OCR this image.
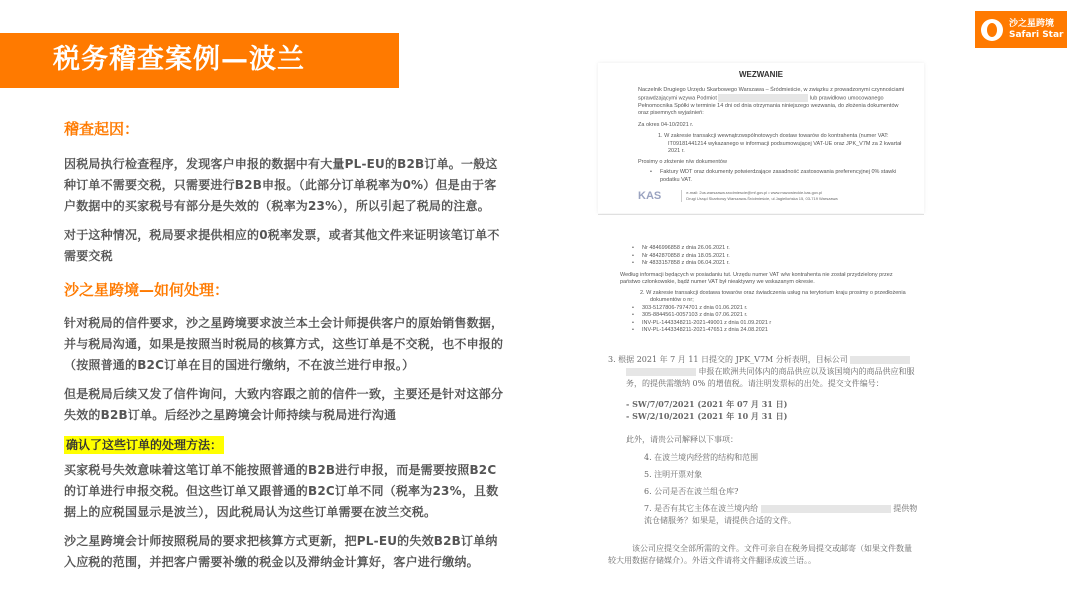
税务稽查案例—波兰
沙之星跨境
Safari Star
稽查起因：

因税局执行检查程序，发现客户申报的数据中有大量PL-EU的B2B订单。一般这种订单不需要交税，只需要进行B2B申报。（此部分订单税率为0%）但是由于客户数据中的买家税号有部分是失效的（税率为23%），所以引起了税局的注意。

对于这种情况，税局要求提供相应的0税率发票，或者其他文件来证明该笔订单不需要交税

沙之星跨境—如何处理：

针对税局的信件要求，沙之星跨境要求波兰本土会计师提供客户的原始销售数据，并与税局沟通，如果是按照当时税局的核算方式，这些订单是不交税，也不申报的（按照普通的B2C订单在目的国进行缴纳，不在波兰进行申报。）

但是税局后续又发了信件询问，大致内容跟之前的信件一致，主要还是针对这部分失效的B2B订单。后经沙之星跨境会计师持续与税局进行沟通

确认了这些订单的处理方法：

买家税号失效意味着这笔订单不能按照普通的B2B进行申报，而是需要按照B2C的订单进行申报交税。但这些订单又跟普通的B2C订单不同（税率为23%，且数据上的应税国显示是波兰），因此税局认为这些订单需要在波兰交税。

沙之星跨境会计师按照税局的要求把核算方式更新，把PL-EU的失效B2B订单纳入应税的范围，并把客户需要补缴的税金以及滞纳金计算好，客户进行缴纳。

WEZWANIE
Naczelnik Drugiego Urzędu Skarbowego Warszawa – Śródmieście, w związku z prowadzonymi czynnościami sprawdzającymi wzywa Podmiot	lub prawidłowo umocowanego Pełnomocnika Spółki w terminie 14 dni od dnia otrzymania niniejszego wezwania, do złożenia dokumentów oraz pisemnych wyjaśnień:
Za okres 04-10/2021 r.
1. W zakresie transakcji wewnątrzwspólnotowych dostaw towarów do kontrahenta (numer VAT: IT09181441214 wykazanego w informacji podsumowującej VAT-UE oraz JPK_V7M za 2 kwartał 2021 r.
Prosimy o złożenie n/w dokumentów
• Faktury WDT oraz dokumenty potwierdzające zasadność zastosowania preferencyjnej 0% stawki podatku VAT.
KAS	e-mail: 2us.warszawa.srodmiescie@mf.gov.pl • www.mazowieckie.kas.gov.pl
Drugi Urząd Skarbowy Warszawa-Śródmieście, ul Jagiellońska 15, 03-719 Warszawa
• Nr 4846996858 z dnia 26.06.2021 r.
• Nr 4842870858 z dnia 18.05.2021 r.
• Nr 4833157858 z dnia 06.04.2021 r.
Według informacji będących w posiadaniu tut. Urzędu numer VAT w/w kontrahenta nie został przydzielony przez państwo członkowskie, bądź numer VAT był nieaktywny we wskazanym okresie.
2. W zakresie transakcji dostawa towarów oraz świadczenia usług na terytorium kraju prosimy o przedłożenia dokumentów o nr;
• 303-5127806-7974701 z dnia 01.06.2021 r.
• 305-8844561-0057103 z dnia 07.06.2021 r.
• INV-PL-1443348211-2021-49001 z dnia 01.09.2021 r
• INV-PL-1443348211-2021-47651 z dnia 24.08.2021
3. 根据 2021 年 7 月 11 日提交的 JPK_V7M 分析表明，目标公司
申报在欧洲共同体内的商品供应以及该国境内的商品供应和服务，的提供需缴纳 0% 的增值税。请注明发票标的出处。提交文件编号：
- SW/7/07/2021 (2021 年 07 月 31 日)
- SW/2/10/2021 (2021 年 10 月 31 日)
此外，请贵公司解释以下事项：
4. 在波兰境内经营的结构和范围
5. 注明开票对象
6. 公司是否在波兰组仓库?
7. 是否有其它主体在波兰境内给	提供物流仓储服务？如果是，请提供合适的文件。
该公司应提交全部所需的文件。文件可亲自在税务局提交或邮寄（如果文件数量较大用数据存储媒介）。外语文件请将文件翻译成波兰语。。
